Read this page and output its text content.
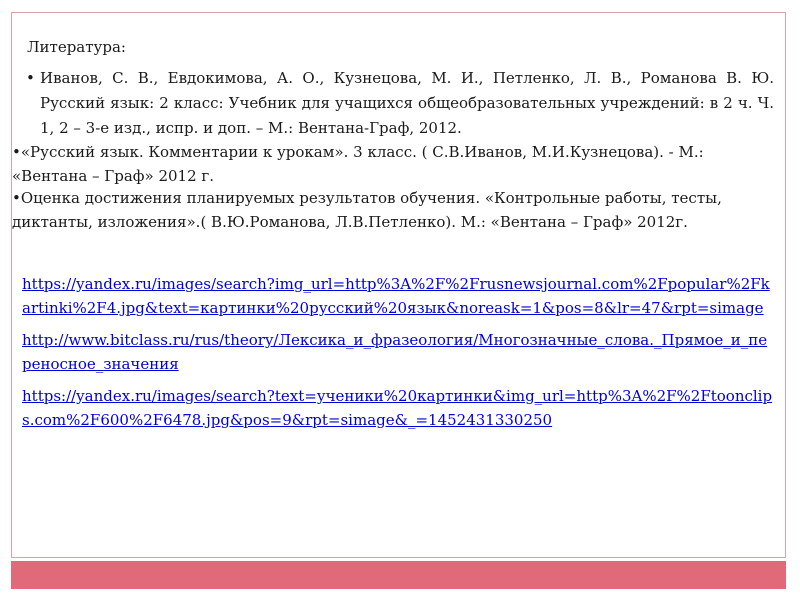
Литература:
• Иванов, С. В., Евдокимова, А. О., Кузнецова, М. И., Петленко, Л. В., Романова В. Ю. Русский язык: 2 класс: Учебник для учащихся общеобразовательных учреждений: в 2 ч. Ч. 1, 2 – 3-е изд., испр. и доп. – М.: Вентана-Граф, 2012.
•«Русский язык. Комментарии к урокам». 3 класс. ( С.В.Иванов, М.И.Кузнецова). - М.: «Вентана – Граф» 2012 г.
•Оценка достижения планируемых результатов обучения. «Контрольные работы, тесты, диктанты, изложения».( В.Ю.Романова, Л.В.Петленко). М.: «Вентана – Граф» 2012г.
https://yandex.ru/images/search?img_url=http%3A%2F%2Frusnewsjournal.com%2Fpopular%2Fkartinki%2F4.jpg&text=картинки%20русский%20язык&noreask=1&pos=8&lr=47&rpt=simage
http://www.bitclass.ru/rus/theory/Лексика_и_фразеология/Многозначные_слова._Прямое_и_переносное_значения
https://yandex.ru/images/search?text=ученики%20картинки&img_url=http%3A%2F%2Ftoonclips.com%2F600%2F6478.jpg&pos=9&rpt=simage&_=1452431330250
